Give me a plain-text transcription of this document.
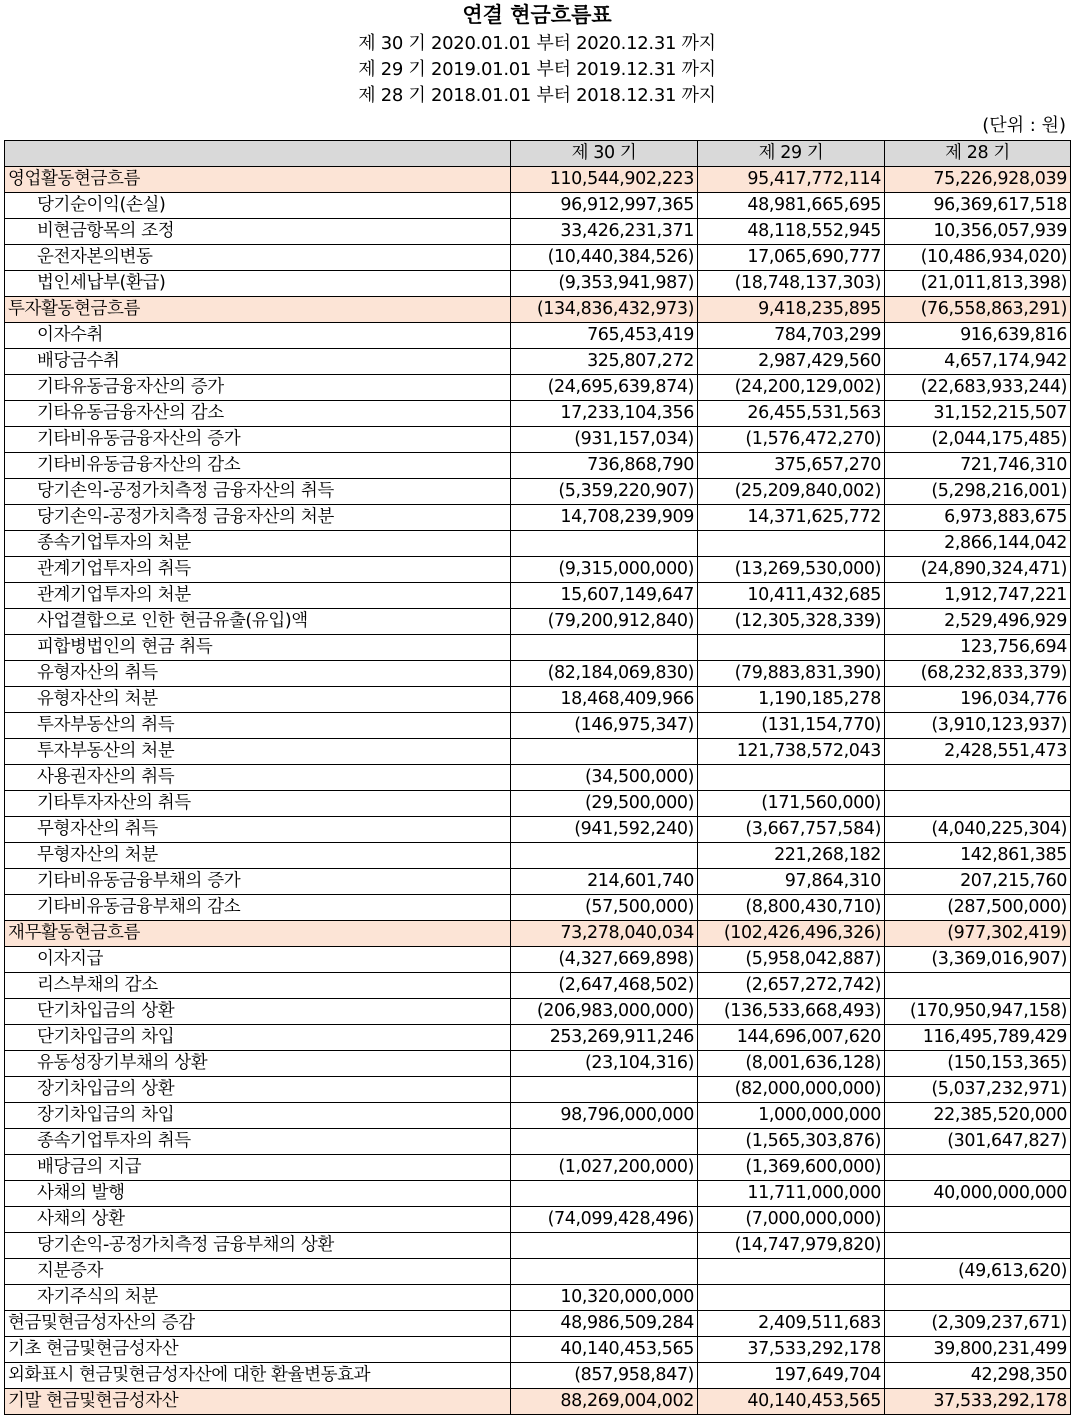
연결 현금흐름표
제 30 기 2020.01.01 부터 2020.12.31 까지
제 29 기 2019.01.01 부터 2019.12.31 까지
제 28 기 2018.01.01 부터 2018.12.31 까지
(단위 : 원)
	제 30 기	제 29 기	제 28 기
영업활동현금흐름	110,544,902,223	95,417,772,114	75,226,928,039
당기순이익(손실)	96,912,997,365	48,981,665,695	96,369,617,518
비현금항목의 조정	33,426,231,371	48,118,552,945	10,356,057,939
운전자본의변동	(10,440,384,526)	17,065,690,777	(10,486,934,020)
법인세납부(환급)	(9,353,941,987)	(18,748,137,303)	(21,011,813,398)
투자활동현금흐름	(134,836,432,973)	9,418,235,895	(76,558,863,291)
이자수취	765,453,419	784,703,299	916,639,816
배당금수취	325,807,272	2,987,429,560	4,657,174,942
기타유동금융자산의 증가	(24,695,639,874)	(24,200,129,002)	(22,683,933,244)
기타유동금융자산의 감소	17,233,104,356	26,455,531,563	31,152,215,507
기타비유동금융자산의 증가	(931,157,034)	(1,576,472,270)	(2,044,175,485)
기타비유동금융자산의 감소	736,868,790	375,657,270	721,746,310
당기손익-공정가치측정 금융자산의 취득	(5,359,220,907)	(25,209,840,002)	(5,298,216,001)
당기손익-공정가치측정 금융자산의 처분	14,708,239,909	14,371,625,772	6,973,883,675
종속기업투자의 처분			2,866,144,042
관계기업투자의 취득	(9,315,000,000)	(13,269,530,000)	(24,890,324,471)
관계기업투자의 처분	15,607,149,647	10,411,432,685	1,912,747,221
사업결합으로 인한 현금유출(유입)액	(79,200,912,840)	(12,305,328,339)	2,529,496,929
피합병법인의 현금 취득			123,756,694
유형자산의 취득	(82,184,069,830)	(79,883,831,390)	(68,232,833,379)
유형자산의 처분	18,468,409,966	1,190,185,278	196,034,776
투자부동산의 취득	(146,975,347)	(131,154,770)	(3,910,123,937)
투자부동산의 처분		121,738,572,043	2,428,551,473
사용권자산의 취득	(34,500,000)		
기타투자자산의 취득	(29,500,000)	(171,560,000)	
무형자산의 취득	(941,592,240)	(3,667,757,584)	(4,040,225,304)
무형자산의 처분		221,268,182	142,861,385
기타비유동금융부채의 증가	214,601,740	97,864,310	207,215,760
기타비유동금융부채의 감소	(57,500,000)	(8,800,430,710)	(287,500,000)
재무활동현금흐름	73,278,040,034	(102,426,496,326)	(977,302,419)
이자지급	(4,327,669,898)	(5,958,042,887)	(3,369,016,907)
리스부채의 감소	(2,647,468,502)	(2,657,272,742)	
단기차입금의 상환	(206,983,000,000)	(136,533,668,493)	(170,950,947,158)
단기차입금의 차입	253,269,911,246	144,696,007,620	116,495,789,429
유동성장기부채의 상환	(23,104,316)	(8,001,636,128)	(150,153,365)
장기차입금의 상환		(82,000,000,000)	(5,037,232,971)
장기차입금의 차입	98,796,000,000	1,000,000,000	22,385,520,000
종속기업투자의 취득		(1,565,303,876)	(301,647,827)
배당금의 지급	(1,027,200,000)	(1,369,600,000)	
사채의 발행		11,711,000,000	40,000,000,000
사채의 상환	(74,099,428,496)	(7,000,000,000)	
당기손익-공정가치측정 금융부채의 상환		(14,747,979,820)	
지분증자			(49,613,620)
자기주식의 처분	10,320,000,000		
현금및현금성자산의 증감	48,986,509,284	2,409,511,683	(2,309,237,671)
기초 현금및현금성자산	40,140,453,565	37,533,292,178	39,800,231,499
외화표시 현금및현금성자산에 대한 환율변동효과	(857,958,847)	197,649,704	42,298,350
기말 현금및현금성자산	88,269,004,002	40,140,453,565	37,533,292,178
